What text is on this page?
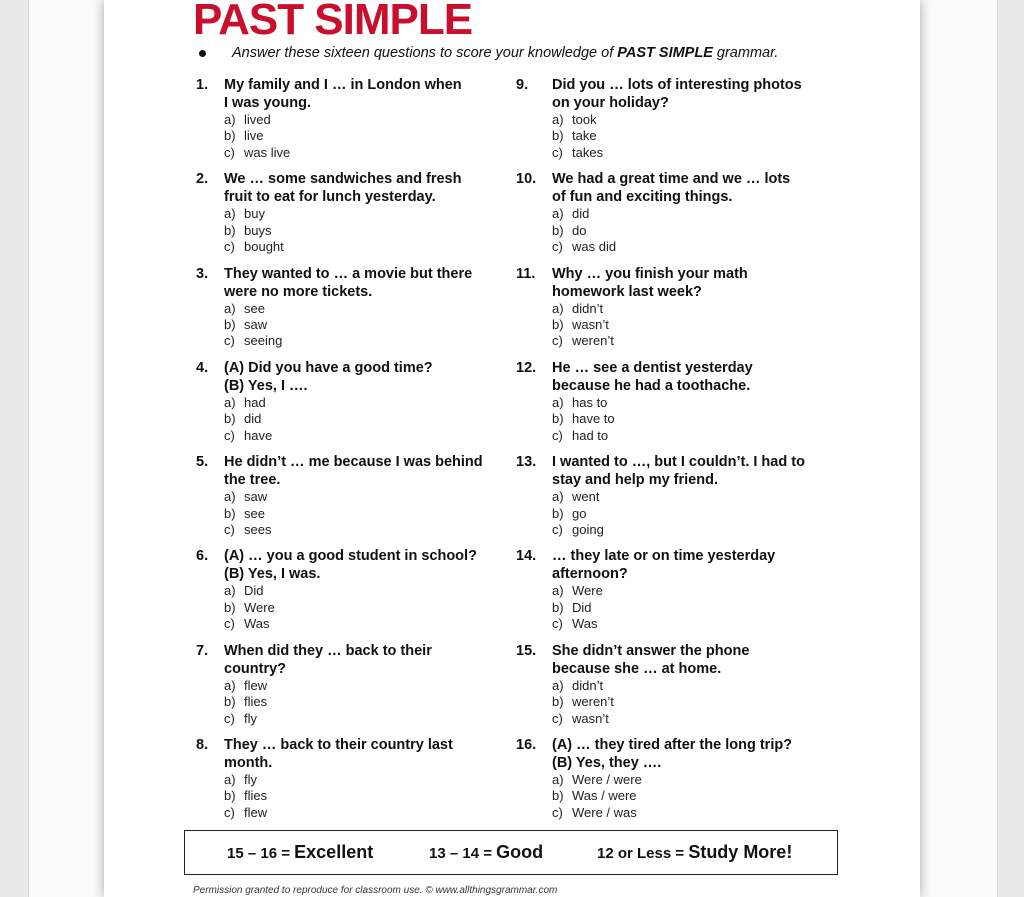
PAST SIMPLE
Answer these sixteen questions to score your knowledge of PAST SIMPLE grammar.
1.	My family and I … in London when
I was young.
a) lived
b) live
c) was live
2.	We … some sandwiches and fresh
fruit to eat for lunch yesterday.
a) buy
b) buys
c) bought
3.	They wanted to … a movie but there
were no more tickets.
a) see
b) saw
c) seeing
4.	(A) Did you have a good time?
(B) Yes, I ….
a) had
b) did
c) have
5.	He didn’t … me because I was behind
the tree.
a) saw
b) see
c) sees
6.	(A) … you a good student in school?
(B) Yes, I was.
a) Did
b) Were
c) Was
7.	When did they … back to their
country?
a) flew
b) flies
c) fly
8.	They … back to their country last
month.
a) fly
b) flies
c) flew
9.	Did you … lots of interesting photos
on your holiday?
a) took
b) take
c) takes
10.	We had a great time and we … lots
of fun and exciting things.
a) did
b) do
c) was did
11.	Why … you finish your math
homework last week?
a) didn’t
b) wasn’t
c) weren’t
12.	He … see a dentist yesterday
because he had a toothache.
a) has to
b) have to
c) had to
13.	I wanted to …, but I couldn’t. I had to
stay and help my friend.
a) went
b) go
c) going
14.	… they late or on time yesterday
afternoon?
a) Were
b) Did
c) Was
15.	She didn’t answer the phone
because she … at home.
a) didn’t
b) weren’t
c) wasn’t
16.	(A) … they tired after the long trip?
(B) Yes, they ….
a) Were / were
b) Was / were
c) Were / was
15 – 16 = Excellent	13 – 14 = Good	12 or Less = Study More!
Permission granted to reproduce for classroom use. © www.allthingsgrammar.com
